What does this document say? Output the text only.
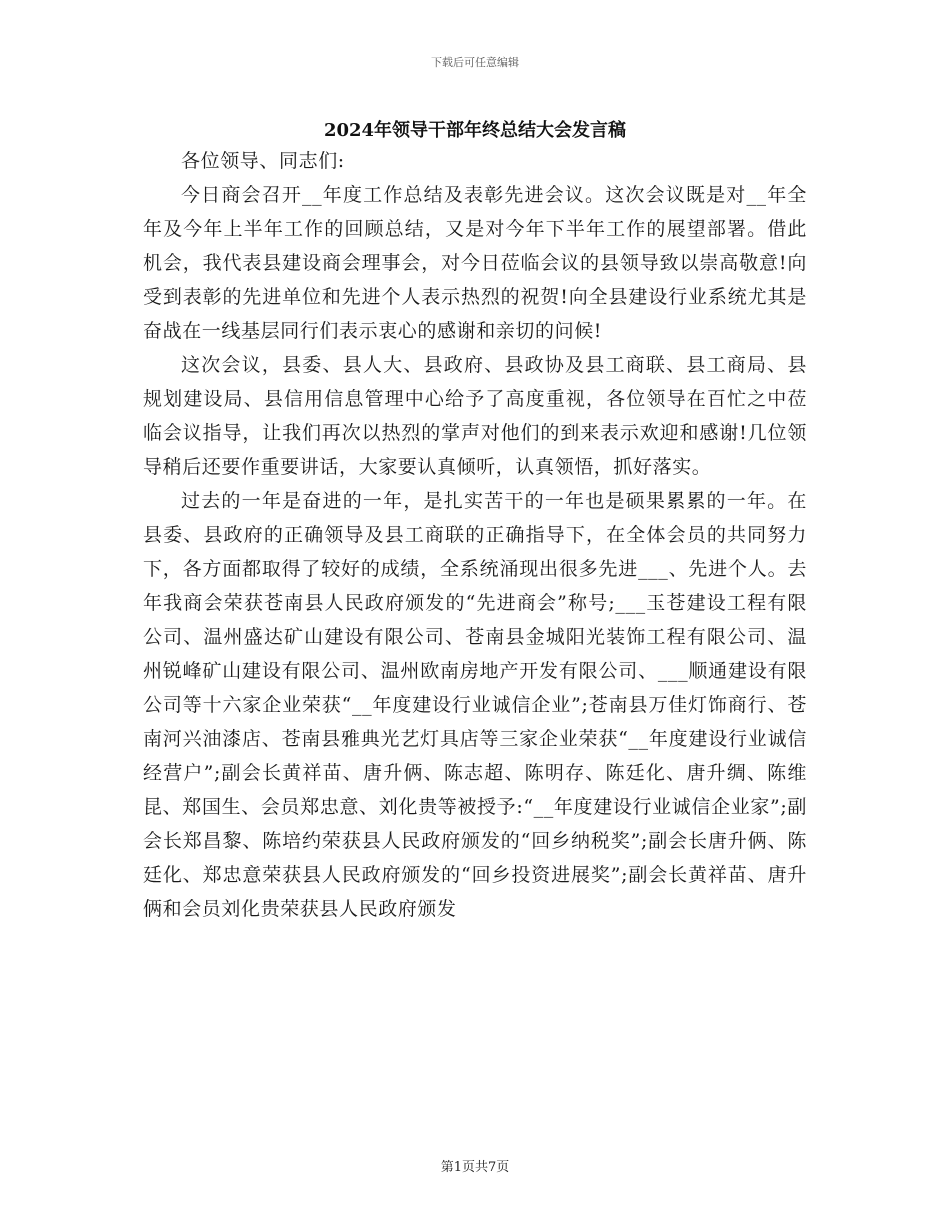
下载后可任意编辑
2024年领导干部年终总结大会发言稿

各位领导、同志们:

今日商会召开__年度工作总结及表彰先进会议。这次会议既是对__年全年及今年上半年工作的回顾总结，又是对今年下半年工作的展望部署。借此机会，我代表县建设商会理事会，对今日莅临会议的县领导致以崇高敬意!向受到表彰的先进单位和先进个人表示热烈的祝贺!向全县建设行业系统尤其是奋战在一线基层同行们表示衷心的感谢和亲切的问候!

这次会议，县委、县人大、县政府、县政协及县工商联、县工商局、县规划建设局、县信用信息管理中心给予了高度重视，各位领导在百忙之中莅临会议指导，让我们再次以热烈的掌声对他们的到来表示欢迎和感谢!几位领导稍后还要作重要讲话，大家要认真倾听，认真领悟，抓好落实。

过去的一年是奋进的一年，是扎实苦干的一年也是硕果累累的一年。在县委、县政府的正确领导及县工商联的正确指导下，在全体会员的共同努力下，各方面都取得了较好的成绩，全系统涌现出很多先进___、先进个人。去年我商会荣获苍南县人民政府颁发的“先进商会”称号;___玉苍建设工程有限公司、温州盛达矿山建设有限公司、苍南县金城阳光装饰工程有限公司、温州锐峰矿山建设有限公司、温州欧南房地产开发有限公司、___顺通建设有限公司等十六家企业荣获“__年度建设行业诚信企业”;苍南县万佳灯饰商行、苍南河兴油漆店、苍南县雅典光艺灯具店等三家企业荣获“__年度建设行业诚信经营户”;副会长黄祥苗、唐升俩、陈志超、陈明存、陈廷化、唐升绸、陈维昆、郑国生、会员郑忠意、刘化贵等被授予:“__年度建设行业诚信企业家”;副会长郑昌黎、陈培约荣获县人民政府颁发的“回乡纳税奖”;副会长唐升俩、陈廷化、郑忠意荣获县人民政府颁发的“回乡投资进展奖”;副会长黄祥苗、唐升俩和会员刘化贵荣获县人民政府颁发

第1页共7页
